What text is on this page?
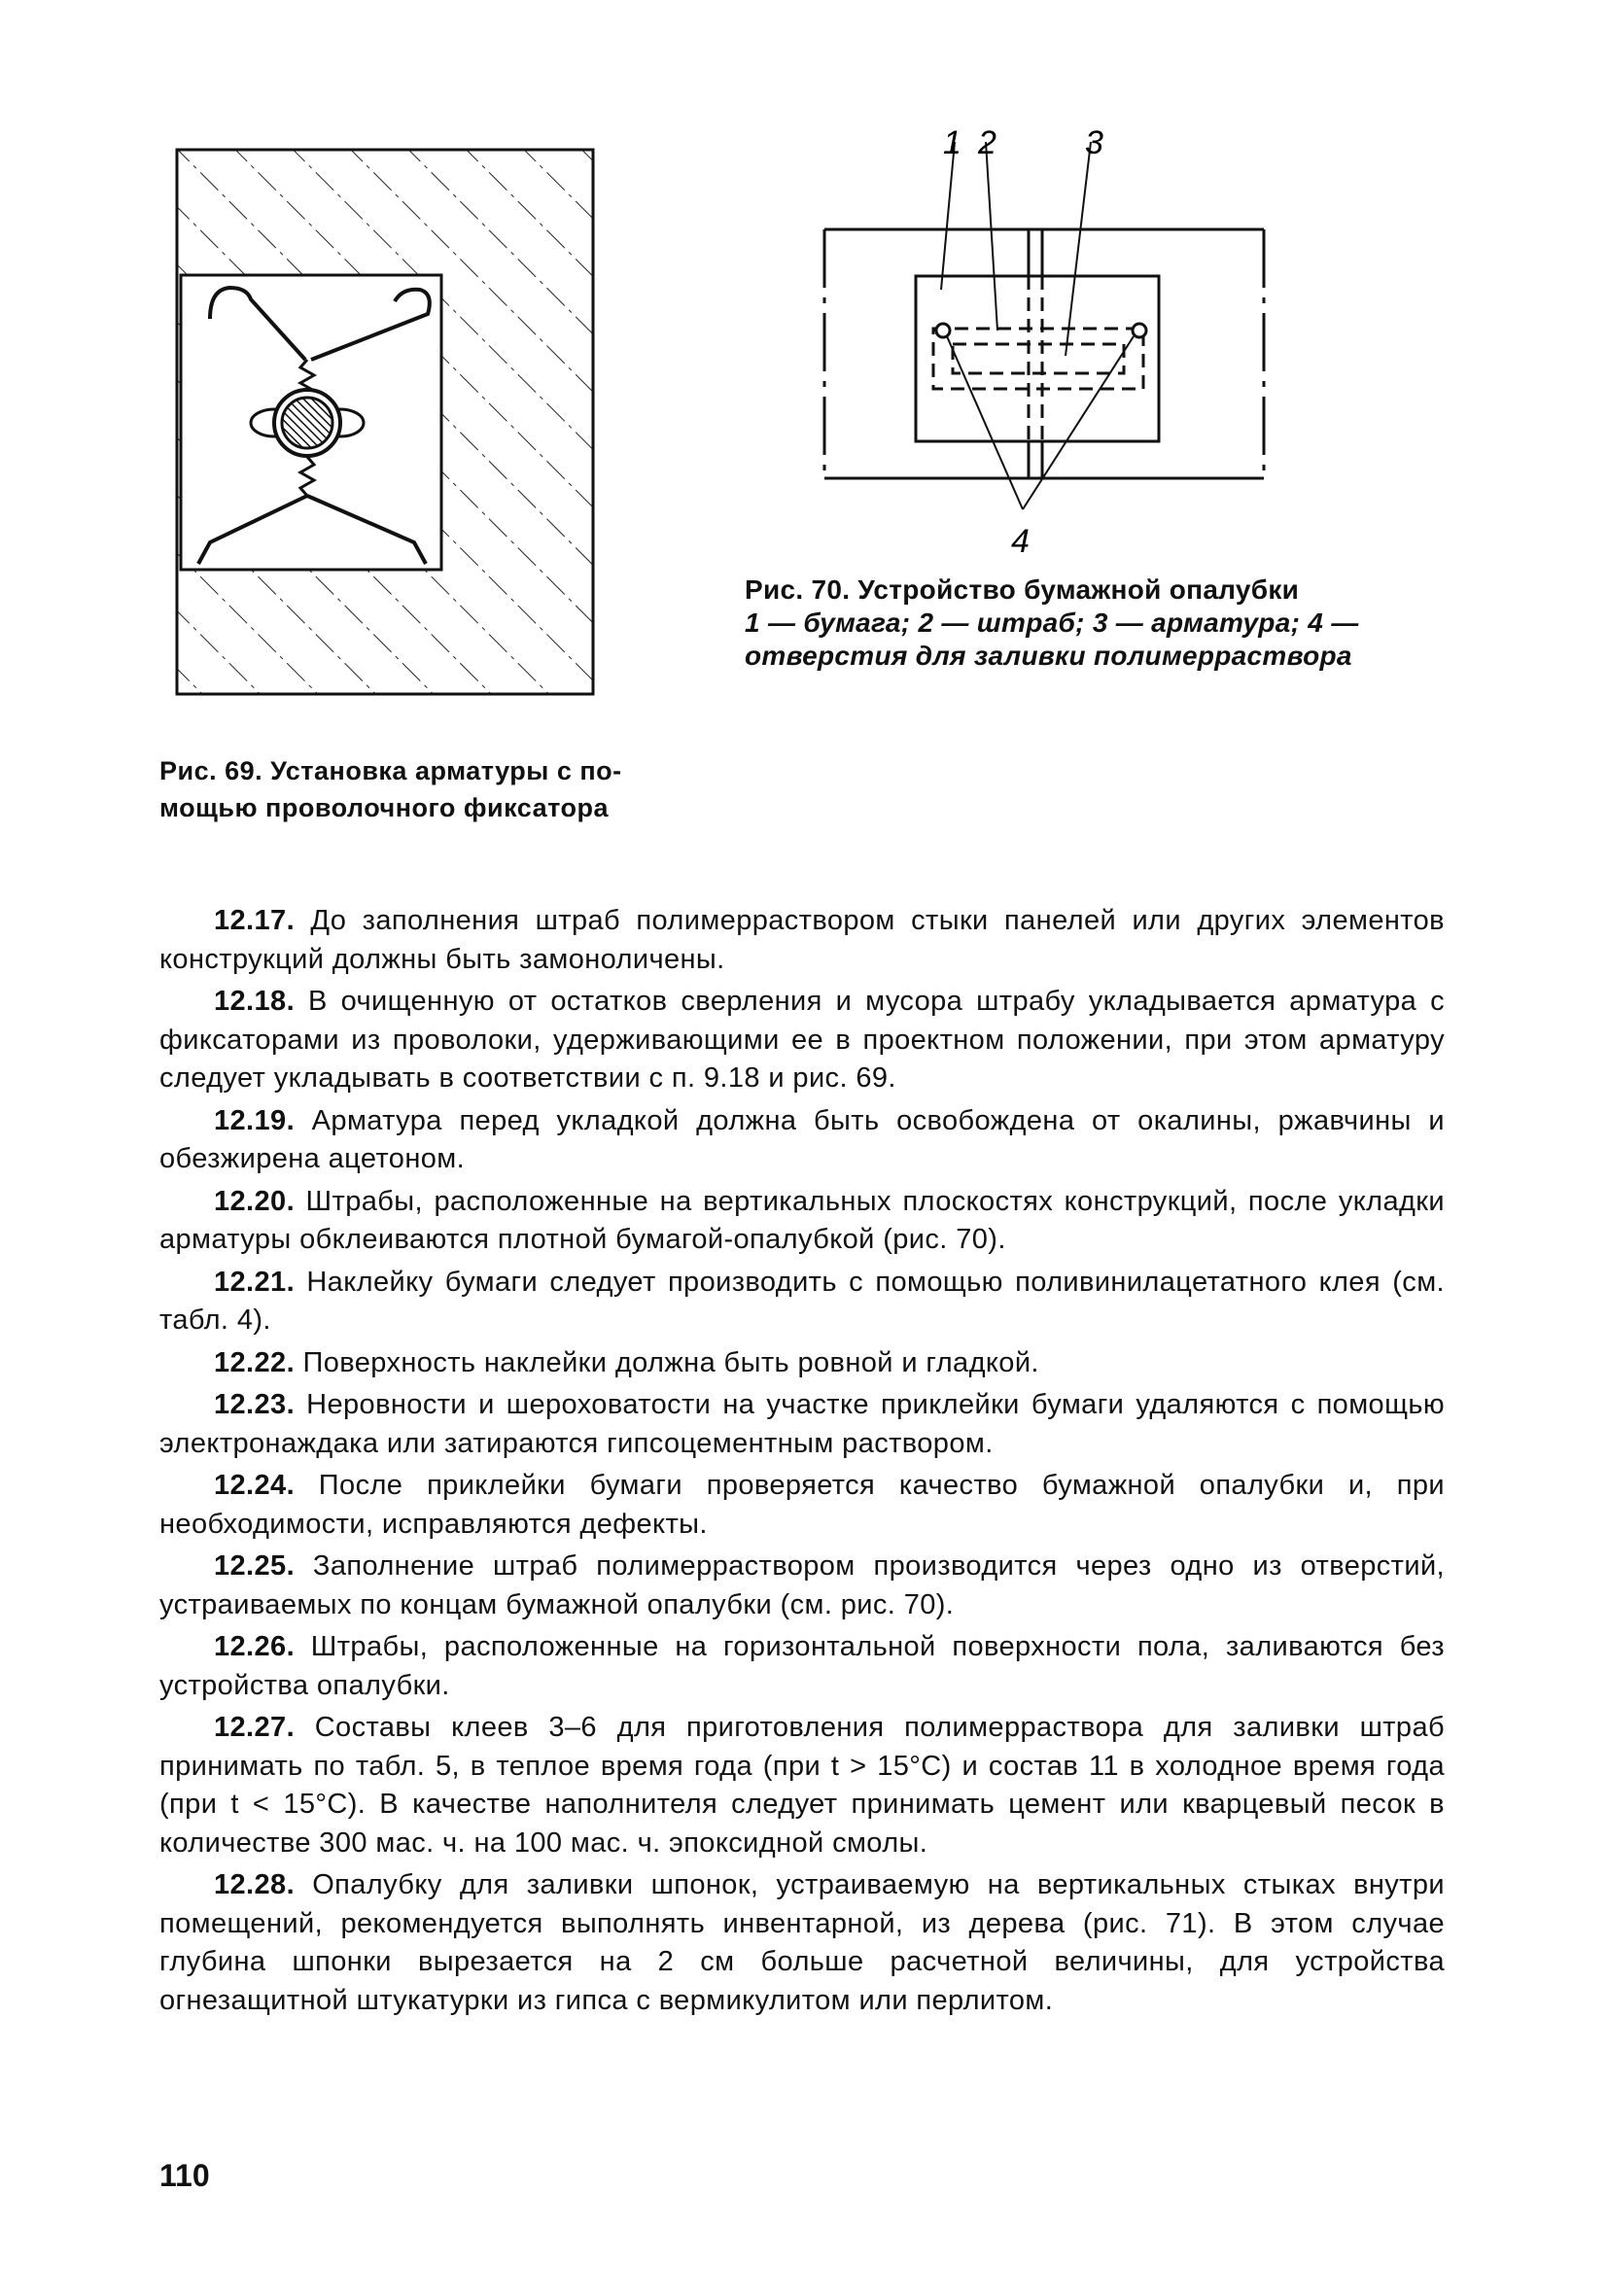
1 2	3
4
Рис. 70. Устройство бумажной опалубки
1 — бумага; 2 — штраб; 3 — арматура; 4 —
отверстия для заливки полимерраствора
Рис. 69. Установка арматуры с по-
мощью проволочного фиксатора

12.17. До заполнения штраб полимерраствором стыки панелей или других элементов конструкций должны быть замоноличены.

12.18. В очищенную от остатков сверления и мусора штрабу укладывается арматура с фиксаторами из проволоки, удерживающими ее в проектном положении, при этом арматуру следует укладывать в соответствии с п. 9.18 и рис. 69.

12.19. Арматура перед укладкой должна быть освобождена от окалины, ржавчины и обезжирена ацетоном.

12.20. Штрабы, расположенные на вертикальных плоскостях конструкций, после укладки арматуры обклеиваются плотной бумагой-опалубкой (рис. 70).

12.21. Наклейку бумаги следует производить с помощью поливинилацетатного клея (см. табл. 4).

12.22. Поверхность наклейки должна быть ровной и гладкой.

12.23. Неровности и шероховатости на участке приклейки бумаги удаляются с помощью электронаждака или затираются гипсоцементным раствором.

12.24. После приклейки бумаги проверяется качество бумажной опалубки и, при необходимости, исправляются дефекты.

12.25. Заполнение штраб полимерраствором производится через одно из отверстий, устраиваемых по концам бумажной опалубки (см. рис. 70).

12.26. Штрабы, расположенные на горизонтальной поверхности пола, заливаются без устройства опалубки.

12.27. Составы клеев 3–6 для приготовления полимерраствора для заливки штраб принимать по табл. 5, в теплое время года (при t > 15°C) и состав 11 в холодное время года (при t < 15°C). В качестве наполнителя следует принимать цемент или кварцевый песок в количестве 300 мас. ч. на 100 мас. ч. эпоксидной смолы.

12.28. Опалубку для заливки шпонок, устраиваемую на вертикальных стыках внутри помещений, рекомендуется выполнять инвентарной, из дерева (рис. 71). В этом случае глубина шпонки вырезается на 2 см больше расчетной величины, для устройства огнезащитной штукатурки из гипса с вермикулитом или перлитом.

110
